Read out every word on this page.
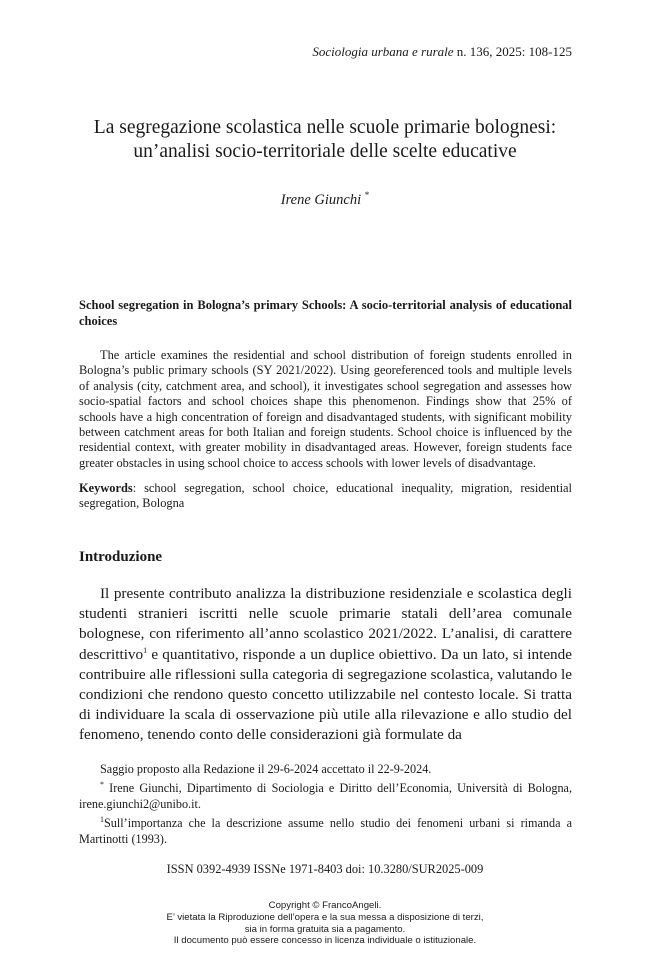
Sociologia urbana e rurale n. 136, 2025: 108-125
La segregazione scolastica nelle scuole primarie bolognesi:
un’analisi socio-territoriale delle scelte educative
Irene Giunchi *
School segregation in Bologna’s primary Schools: A socio-territorial analysis of educational choices

The article examines the residential and school distribution of foreign students enrolled in Bologna’s public primary schools (SY 2021/2022). Using georeferenced tools and multiple levels of analysis (city, catchment area, and school), it investigates school segregation and assesses how socio-spatial factors and school choices shape this phenomenon. Findings show that 25% of schools have a high concentration of foreign and disadvantaged students, with significant mobility between catchment areas for both Italian and foreign students. School choice is influenced by the residential context, with greater mobility in disadvantaged areas. However, foreign students face greater obstacles in using school choice to access schools with lower levels of disadvantage.

Keywords: school segregation, school choice, educational inequality, migration, residential segregation, Bologna

Introduzione

Il presente contributo analizza la distribuzione residenziale e scolastica degli studenti stranieri iscritti nelle scuole primarie statali dell’area comunale bolognese, con riferimento all’anno scolastico 2021/2022. L’analisi, di carattere descrittivo$^1$ e quantitativo, risponde a un duplice obiettivo. Da un lato, si intende contribuire alle riflessioni sulla categoria di segregazione scolastica, valutando le condizioni che rendono questo concetto utilizzabile nel contesto locale. Si tratta di individuare la scala di osservazione più utile alla rilevazione e allo studio del fenomeno, tenendo conto delle considerazioni già formulate da

Saggio proposto alla Redazione il 29-6-2024 accettato il 22-9-2024.

* Irene Giunchi, Dipartimento di Sociologia e Diritto dell’Economia, Università di Bologna, irene.giunchi2@unibo.it.

$^1$Sull’importanza che la descrizione assume nello studio dei fenomeni urbani si rimanda a Martinotti (1993).

ISSN 0392-4939 ISSNe 1971-8403 doi: 10.3280/SUR2025-009
Copyright © FrancoAngeli.
E’ vietata la Riproduzione dell’opera e la sua messa a disposizione di terzi,
sia in forma gratuita sia a pagamento.
Il documento può essere concesso in licenza individuale o istituzionale.
